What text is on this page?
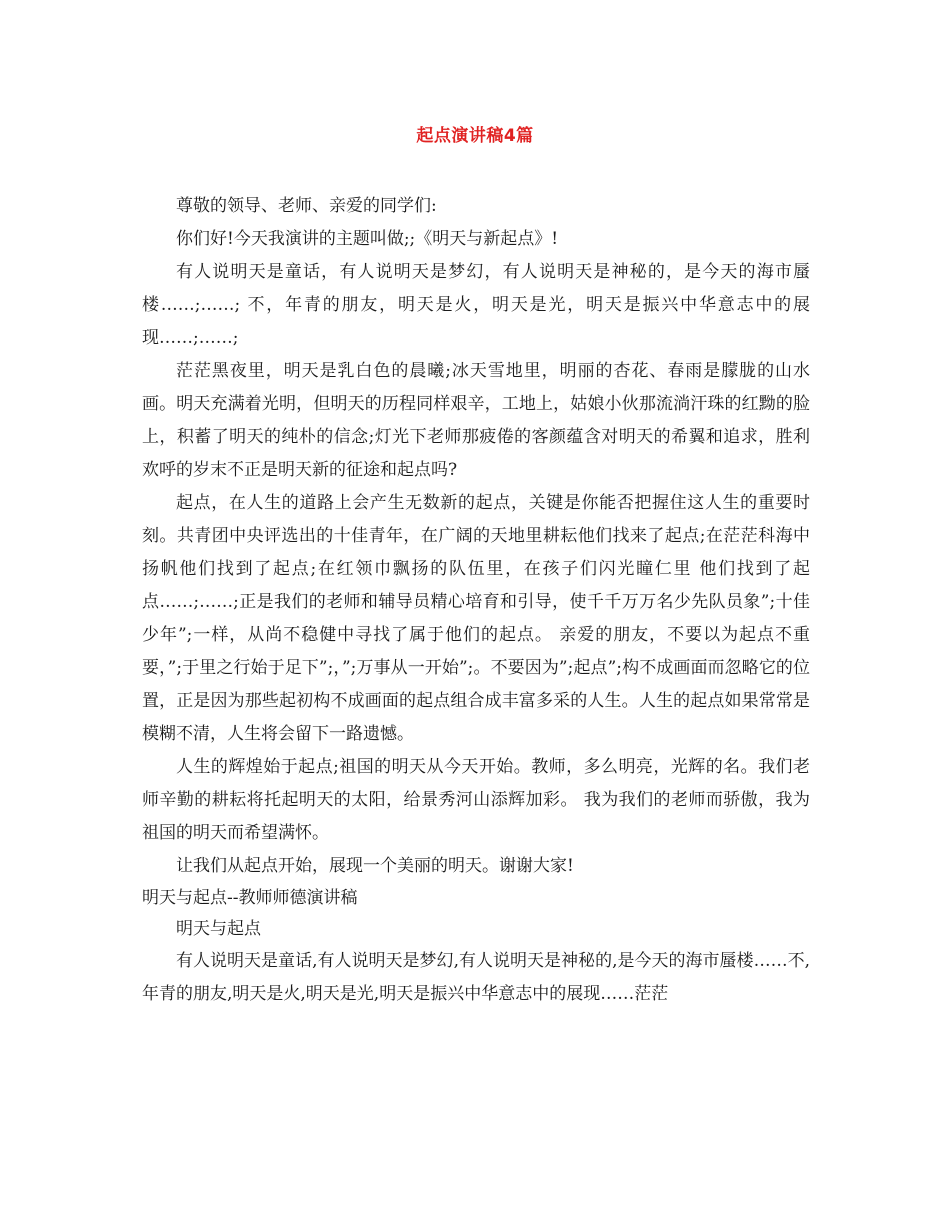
起点演讲稿4篇

尊敬的领导、老师、亲爱的同学们:

你们好!今天我演讲的主题叫做;;《明天与新起点》!

有人说明天是童话，有人说明天是梦幻，有人说明天是神秘的，是今天的海市蜃楼……;……; 不，年青的朋友，明天是火，明天是光，明天是振兴中华意志中的展现……;……;

茫茫黑夜里，明天是乳白色的晨曦;冰天雪地里，明丽的杏花、春雨是朦胧的山水画。明天充满着光明，但明天的历程同样艰辛，工地上，姑娘小伙那流淌汗珠的红黝的脸上，积蓄了明天的纯朴的信念;灯光下老师那疲倦的客颜蕴含对明天的希翼和追求，胜利欢呼的岁末不正是明天新的征途和起点吗?

起点，在人生的道路上会产生无数新的起点，关键是你能否把握住这人生的重要时刻。共青团中央评选出的十佳青年，在广阔的天地里耕耘他们找来了起点;在茫茫科海中扬帆他们找到了起点;在红领巾飘扬的队伍里，在孩子们闪光瞳仁里 他们找到了起点……;……;正是我们的老师和辅导员精心培育和引导，使千千万万名少先队员象”;十佳少年”;一样，从尚不稳健中寻找了属于他们的起点。 亲爱的朋友，不要以为起点不重要，”;于里之行始于足下”;，”;万事从一开始”;。不要因为”;起点”;构不成画面而忽略它的位置，正是因为那些起初构不成画面的起点组合成丰富多采的人生。人生的起点如果常常是模糊不清，人生将会留下一路遗憾。

人生的辉煌始于起点;祖国的明天从今天开始。教师，多么明亮，光辉的名。我们老师辛勤的耕耘将托起明天的太阳，给景秀河山添辉加彩。 我为我们的老师而骄傲，我为祖国的明天而希望满怀。

让我们从起点开始，展现一个美丽的明天。谢谢大家!

明天与起点--教师师德演讲稿

明天与起点

有人说明天是童话,有人说明天是梦幻,有人说明天是神秘的,是今天的海市蜃楼……不,年青的朋友,明天是火,明天是光,明天是振兴中华意志中的展现……茫茫
